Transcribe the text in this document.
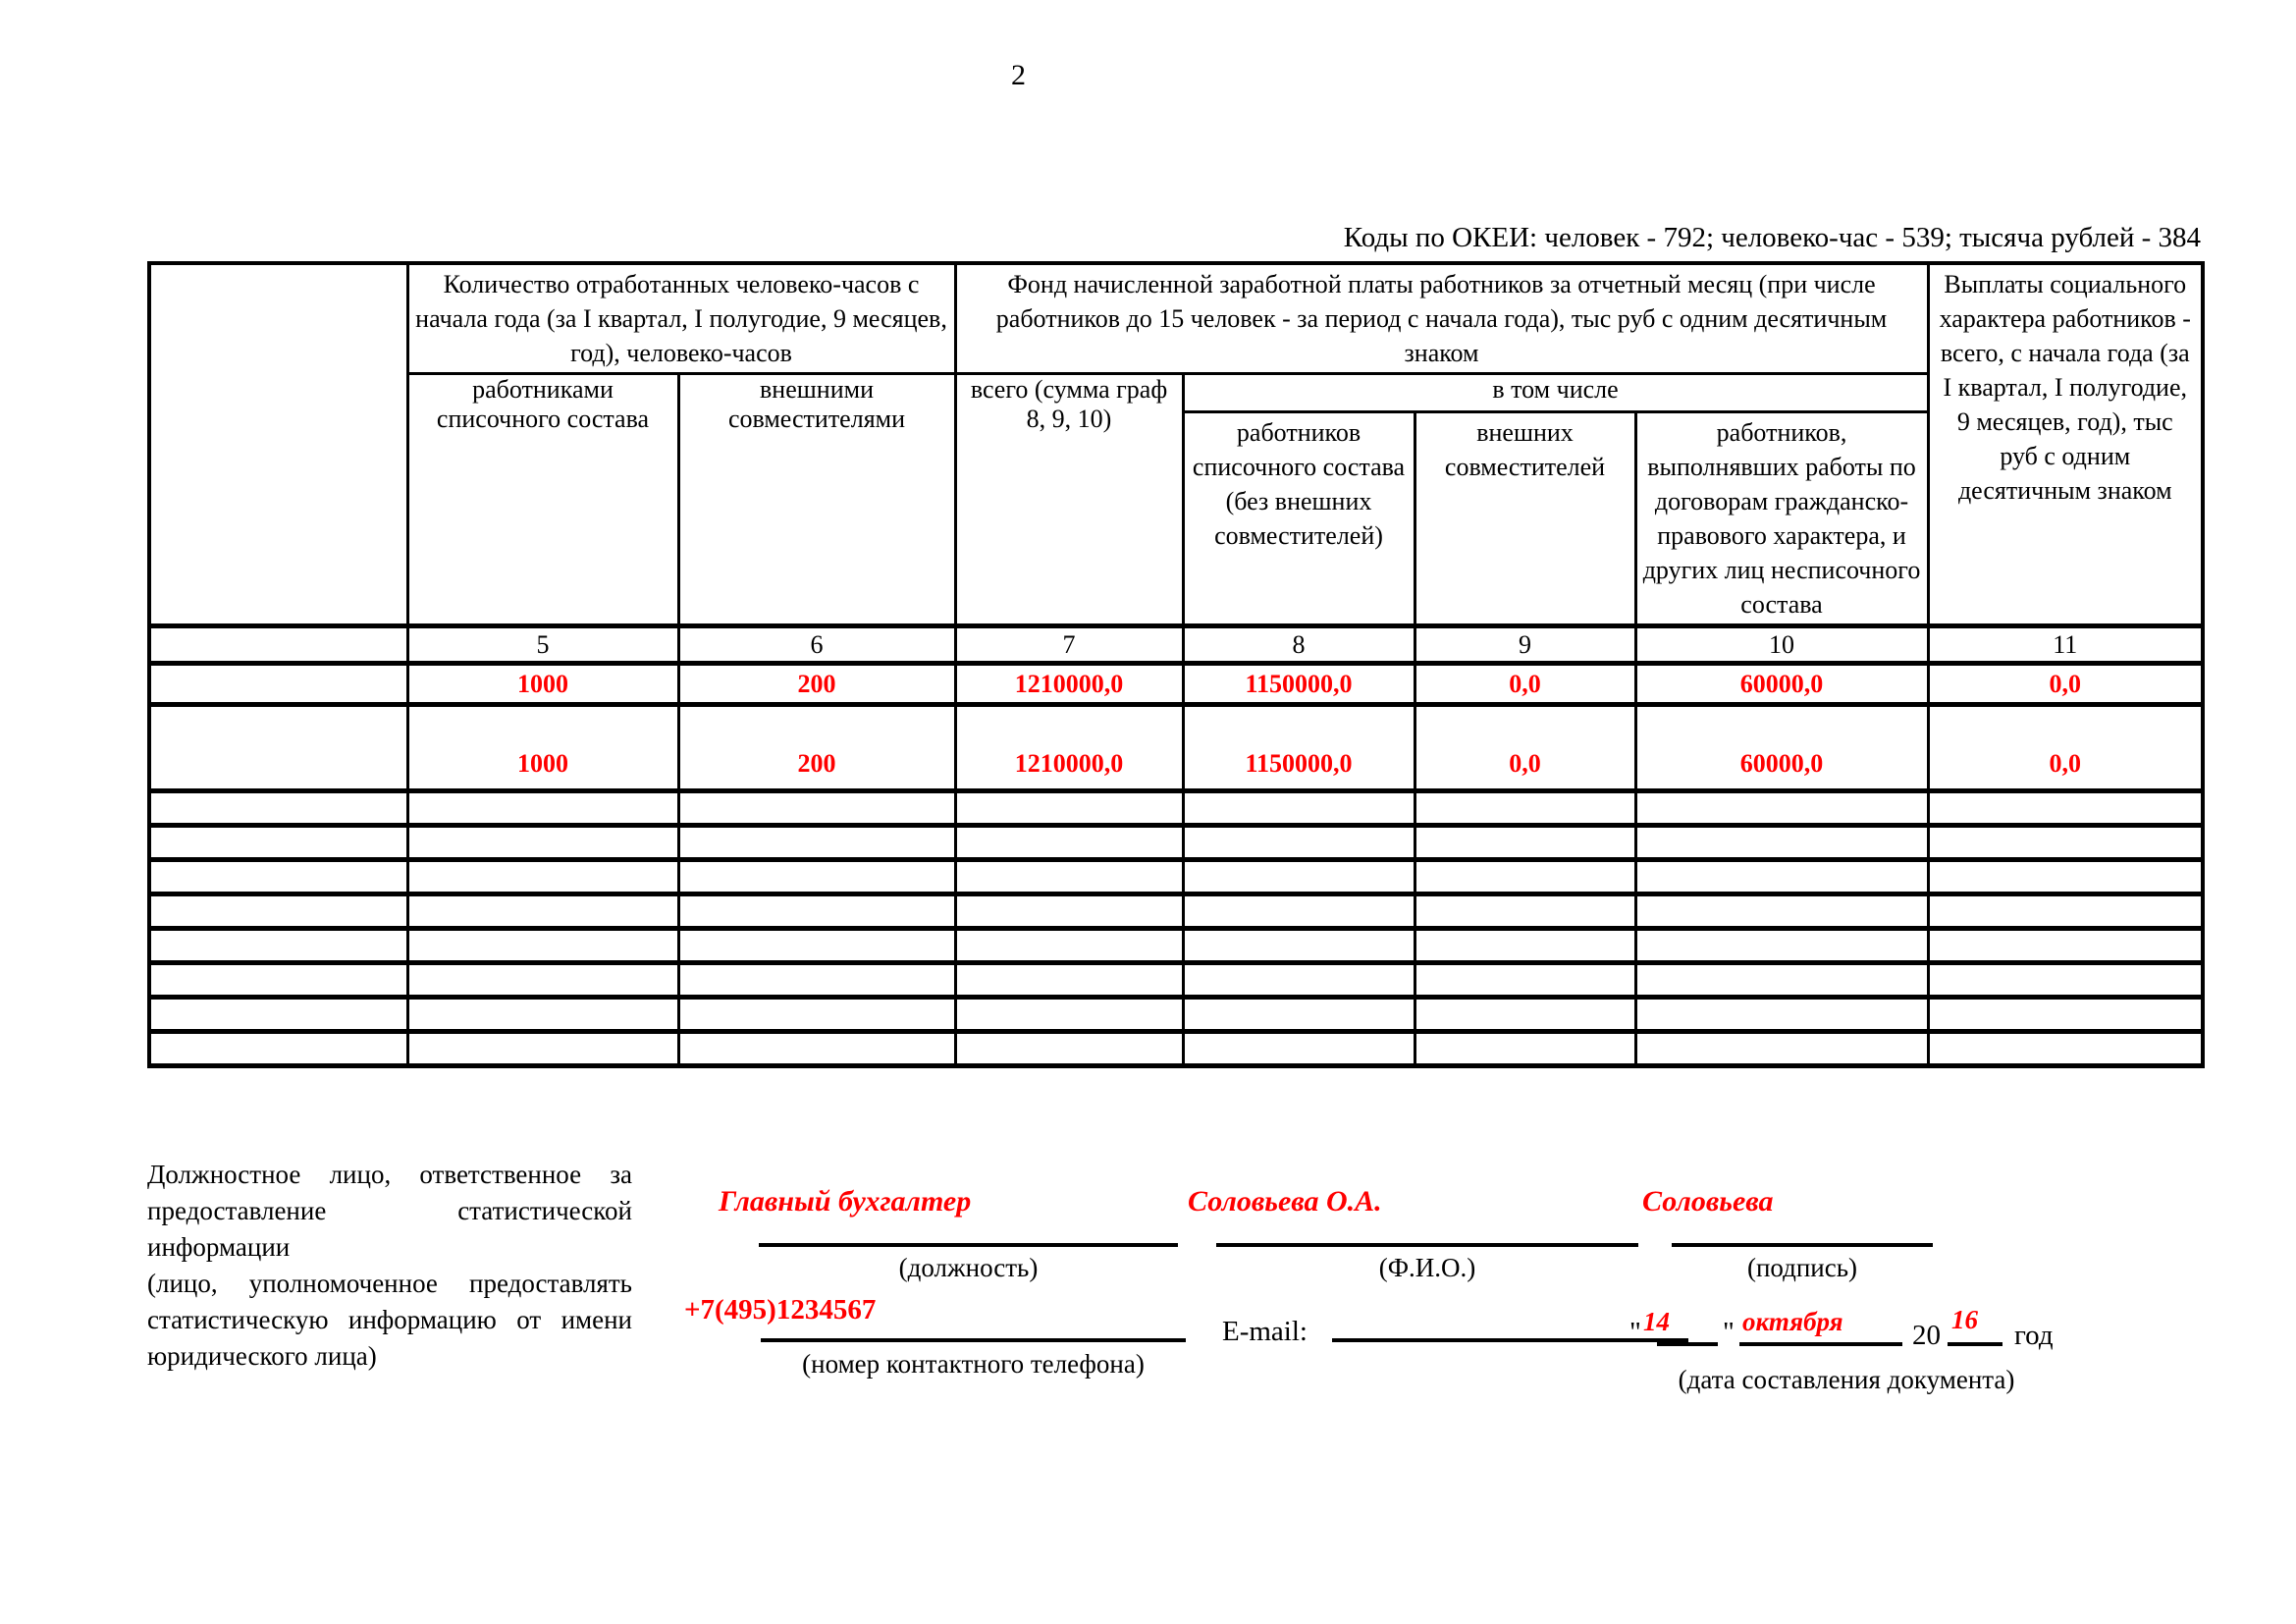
2
Коды по ОКЕИ: человек - 792; человеко-час - 539; тысяча рублей - 384
	Количество отработанных человеко-часов с начала года (за I квартал, I полугодие, 9 месяцев, год), человеко-часов		Фонд начисленной заработной платы работников за отчетный месяц (при числе работников до 15 человек - за период с начала года), тыс руб с одним десятичным знаком				Выплаты социального характера работников - всего, с начала года (за I квартал, I полугодие, 9 месяцев, год), тыс руб с одним десятичным знаком
	работниками списочного состава	внешними совместителями	всего (сумма граф 8, 9, 10)	в том числе			
				работников списочного состава (без внешних совместителей)	внешних совместителей	работников, выполнявших работы по договорам гражданско-правового характера, и других лиц несписочного состава	
	5	6	7	8	9	10	11
	1000	200	1210000,0	1150000,0	0,0	60000,0	0,0
	1000	200	1210000,0	1150000,0	0,0	60000,0	0,0

Должностное лицо, ответственное за
предоставление статистической информации
(лицо, уполномоченное предоставлять
статистическую информацию от имени
юридического лица)
Главный бухгалтер
(должность)
Соловьева О.А.
(Ф.И.О.)
Соловьева
(подпись)
+7(495)1234567
(номер контактного телефона)
E-mail:	" 14 " октября 20 16 год
(дата составления документа)
